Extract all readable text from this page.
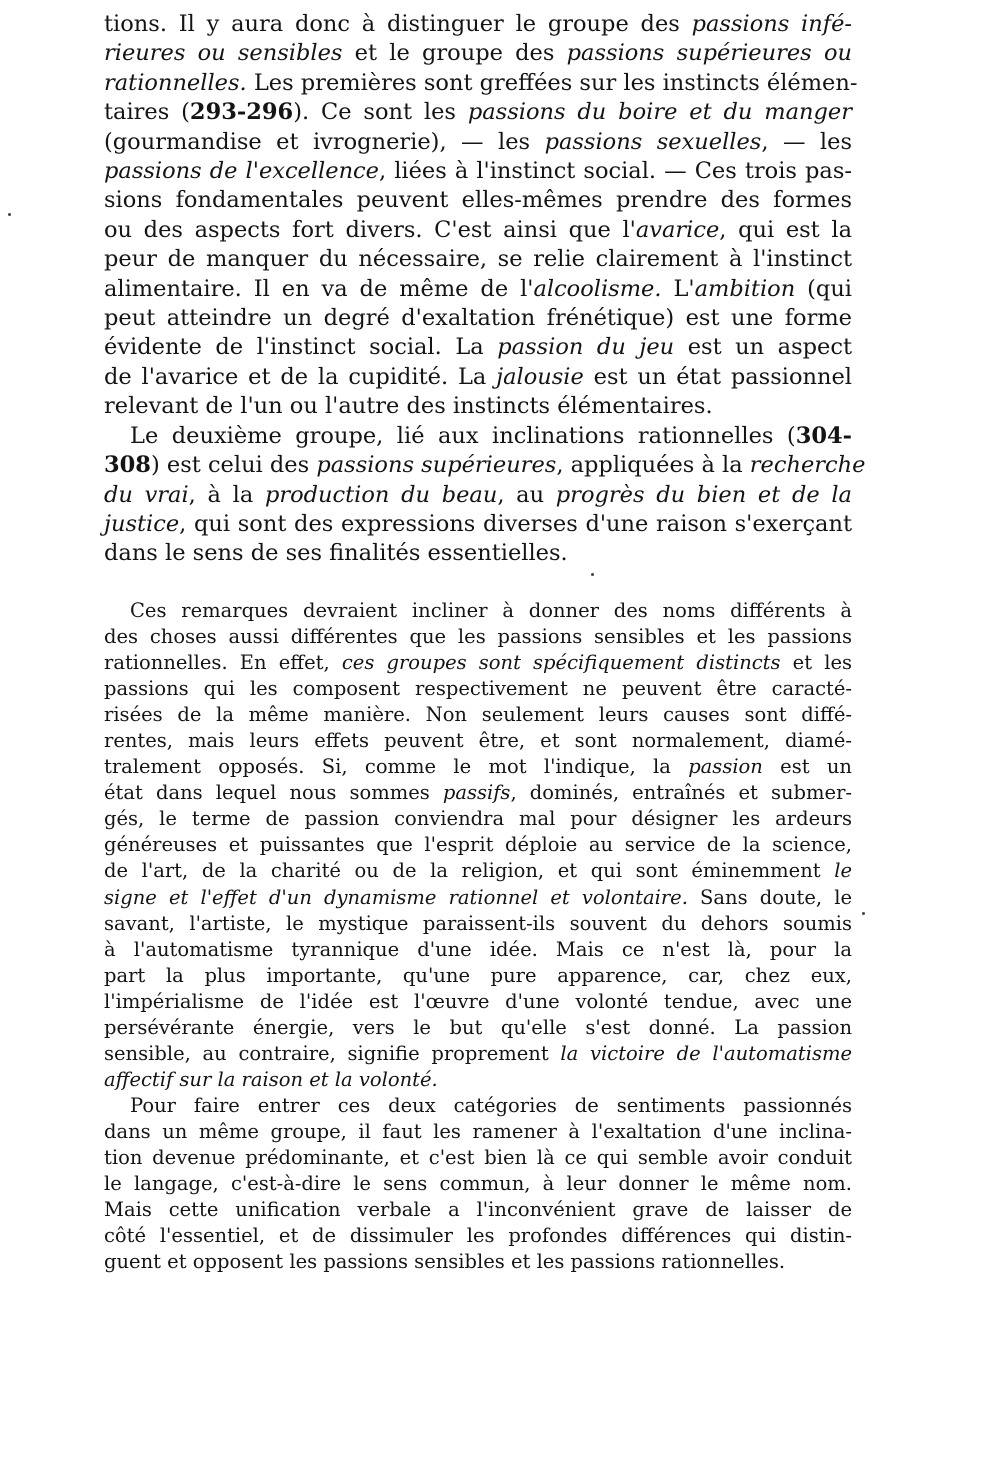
tions. Il y aura donc à distinguer le groupe des passions infé-
rieures ou sensibles et le groupe des passions supérieures ou
rationnelles. Les premières sont greffées sur les instincts élémen-
taires (293-296). Ce sont les passions du boire et du manger
(gourmandise et ivrognerie), — les passions sexuelles, — les
passions de l'excellence, liées à l'instinct social. — Ces trois pas-
sions fondamentales peuvent elles-mêmes prendre des formes
ou des aspects fort divers. C'est ainsi que l'avarice, qui est la
peur de manquer du nécessaire, se relie clairement à l'instinct
alimentaire. Il en va de même de l'alcoolisme. L'ambition (qui
peut atteindre un degré d'exaltation frénétique) est une forme
évidente de l'instinct social. La passion du jeu est un aspect
de l'avarice et de la cupidité. La jalousie est un état passionnel
relevant de l'un ou l'autre des instincts élémentaires.
Le deuxième groupe, lié aux inclinations rationnelles (304-
308) est celui des passions supérieures, appliquées à la recherche
du vrai, à la production du beau, au progrès du bien et de la
justice, qui sont des expressions diverses d'une raison s'exerçant
dans le sens de ses finalités essentielles.
Ces remarques devraient incliner à donner des noms différents à
des choses aussi différentes que les passions sensibles et les passions
rationnelles. En effet, ces groupes sont spécifiquement distincts et les
passions qui les composent respectivement ne peuvent être caracté-
risées de la même manière. Non seulement leurs causes sont diffé-
rentes, mais leurs effets peuvent être, et sont normalement, diamé-
tralement opposés. Si, comme le mot l'indique, la passion est un
état dans lequel nous sommes passifs, dominés, entraînés et submer-
gés, le terme de passion conviendra mal pour désigner les ardeurs
généreuses et puissantes que l'esprit déploie au service de la science,
de l'art, de la charité ou de la religion, et qui sont éminemment le
signe et l'effet d'un dynamisme rationnel et volontaire. Sans doute, le
savant, l'artiste, le mystique paraissent-ils souvent du dehors soumis
à l'automatisme tyrannique d'une idée. Mais ce n'est là, pour la
part la plus importante, qu'une pure apparence, car, chez eux,
l'impérialisme de l'idée est l'œuvre d'une volonté tendue, avec une
persévérante énergie, vers le but qu'elle s'est donné. La passion
sensible, au contraire, signifie proprement la victoire de l'automatisme
affectif sur la raison et la volonté.
Pour faire entrer ces deux catégories de sentiments passionnés
dans un même groupe, il faut les ramener à l'exaltation d'une inclina-
tion devenue prédominante, et c'est bien là ce qui semble avoir conduit
le langage, c'est-à-dire le sens commun, à leur donner le même nom.
Mais cette unification verbale a l'inconvénient grave de laisser de
côté l'essentiel, et de dissimuler les profondes différences qui distin-
guent et opposent les passions sensibles et les passions rationnelles.
